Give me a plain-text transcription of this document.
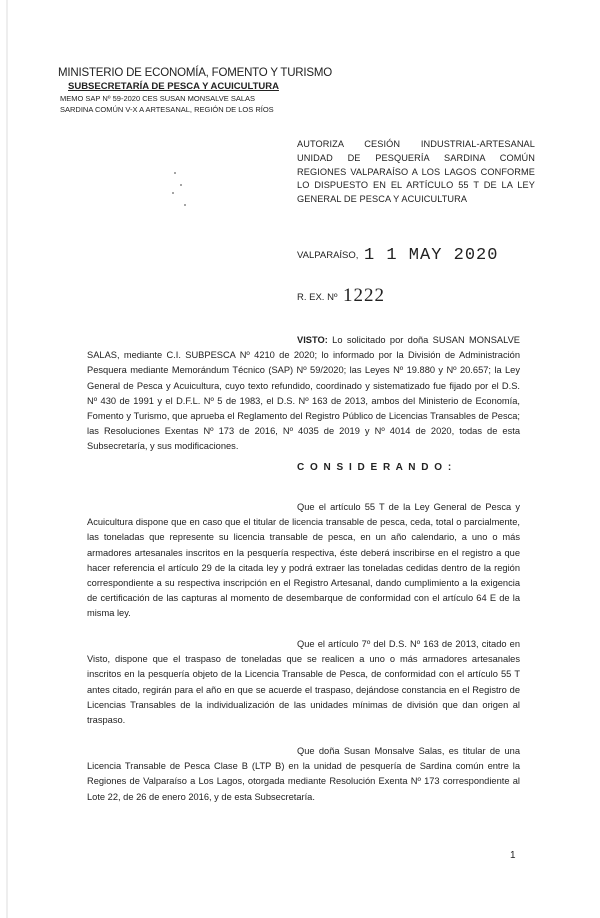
MINISTERIO DE ECONOMÍA, FOMENTO Y TURISMO
SUBSECRETARÍA DE PESCA Y ACUICULTURA
MEMO SAP Nº 59-2020 CES SUSAN MONSALVE SALAS
SARDINA COMÚN V-X A ARTESANAL, REGIÓN DE LOS RÍOS
AUTORIZA CESIÓN INDUSTRIAL-ARTESANAL UNIDAD DE PESQUERÍA SARDINA COMÚN REGIONES VALPARAÍSO A LOS LAGOS CONFORME LO DISPUESTO EN EL ARTÍCULO 55 T DE LA LEY GENERAL DE PESCA Y ACUICULTURA
VALPARAÍSO, 1 1 MAY 2020
R. EX. Nº 1222
VISTO: Lo solicitado por doña SUSAN MONSALVE SALAS, mediante C.I. SUBPESCA Nº 4210 de 2020; lo informado por la División de Administración Pesquera mediante Memorándum Técnico (SAP) Nº 59/2020; las Leyes Nº 19.880 y Nº 20.657; la Ley General de Pesca y Acuicultura, cuyo texto refundido, coordinado y sistematizado fue fijado por el D.S. Nº 430 de 1991 y el D.F.L. Nº 5 de 1983, el D.S. Nº 163 de 2013, ambos del Ministerio de Economía, Fomento y Turismo, que aprueba el Reglamento del Registro Público de Licencias Transables de Pesca; las Resoluciones Exentas Nº 173 de 2016, Nº 4035 de 2019 y Nº 4014 de 2020, todas de esta Subsecretaría, y sus modificaciones.
C O N S I D E R A N D O :
Que el artículo 55 T de la Ley General de Pesca y Acuicultura dispone que en caso que el titular de licencia transable de pesca, ceda, total o parcialmente, las toneladas que represente su licencia transable de pesca, en un año calendario, a uno o más armadores artesanales inscritos en la pesquería respectiva, éste deberá inscribirse en el registro a que hacer referencia el artículo 29 de la citada ley y podrá extraer las toneladas cedidas dentro de la región correspondiente a su respectiva inscripción en el Registro Artesanal, dando cumplimiento a la exigencia de certificación de las capturas al momento de desembarque de conformidad con el artículo 64 E de la misma ley.
Que el artículo 7º del D.S. Nº 163 de 2013, citado en Visto, dispone que el traspaso de toneladas que se realicen a uno o más armadores artesanales inscritos en la pesquería objeto de la Licencia Transable de Pesca, de conformidad con el artículo 55 T antes citado, regirán para el año en que se acuerde el traspaso, dejándose constancia en el Registro de Licencias Transables de la individualización de las unidades mínimas de división que dan origen al traspaso.
Que doña Susan Monsalve Salas, es titular de una Licencia Transable de Pesca Clase B (LTP B) en la unidad de pesquería de Sardina común entre la Regiones de Valparaíso a Los Lagos, otorgada mediante Resolución Exenta Nº 173 correspondiente al Lote 22, de 26 de enero 2016, y de esta Subsecretaría.
1
